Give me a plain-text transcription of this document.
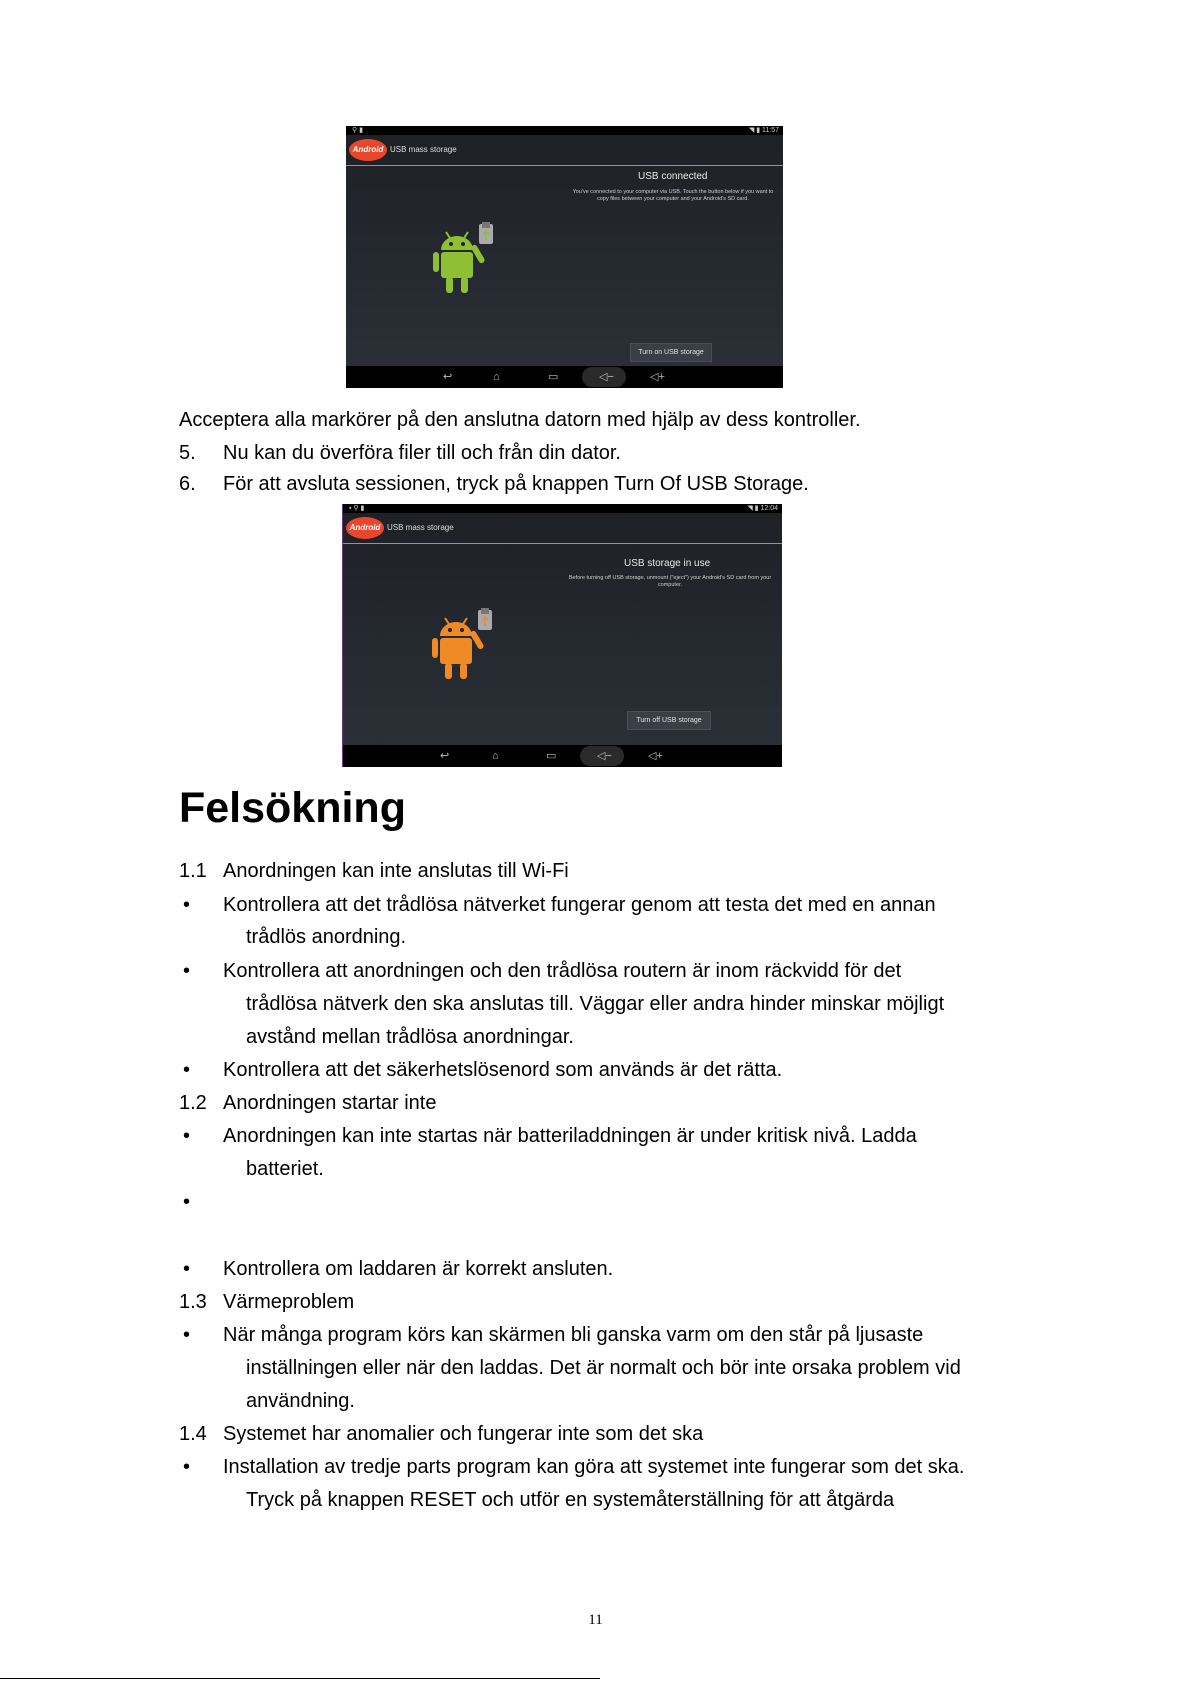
⚲ ▮	◥ ▮ 11:57
Android USB mass storage
USB connected
You've connected to your computer via USB. Touch the button below if you want to copy files between your computer and your Android's SD card.
Turn on USB storage
↩	⌂	▭	◁−	◁+
Acceptera alla markörer på den anslutna datorn med hjälp av dess kontroller.
5. Nu kan du överföra filer till och från din dator.
6. För att avsluta sessionen, tryck på knappen Turn Of USB Storage.
▪ ⚲ ▮	◥ ▮ 12:04
Android USB mass storage
USB storage in use
Before turning off USB storage, unmount ("eject") your Android's SD card from your computer.
Turn off USB storage
↩	⌂	▭	◁−	◁+
Felsökning
1.1 Anordningen kan inte anslutas till Wi-Fi
• Kontrollera att det trådlösa nätverket fungerar genom att testa det med en annan
trådlös anordning.
• Kontrollera att anordningen och den trådlösa routern är inom räckvidd för det
trådlösa nätverk den ska anslutas till. Väggar eller andra hinder minskar möjligt
avstånd mellan trådlösa anordningar.
• Kontrollera att det säkerhetslösenord som används är det rätta.
1.2 Anordningen startar inte
• Anordningen kan inte startas när batteriladdningen är under kritisk nivå. Ladda
batteriet.
•
• Kontrollera om laddaren är korrekt ansluten.
1.3 Värmeproblem
• När många program körs kan skärmen bli ganska varm om den står på ljusaste
inställningen eller när den laddas. Det är normalt och bör inte orsaka problem vid
användning.
1.4 Systemet har anomalier och fungerar inte som det ska
• Installation av tredje parts program kan göra att systemet inte fungerar som det ska.
Tryck på knappen RESET och utför en systemåterställning för att åtgärda
11
